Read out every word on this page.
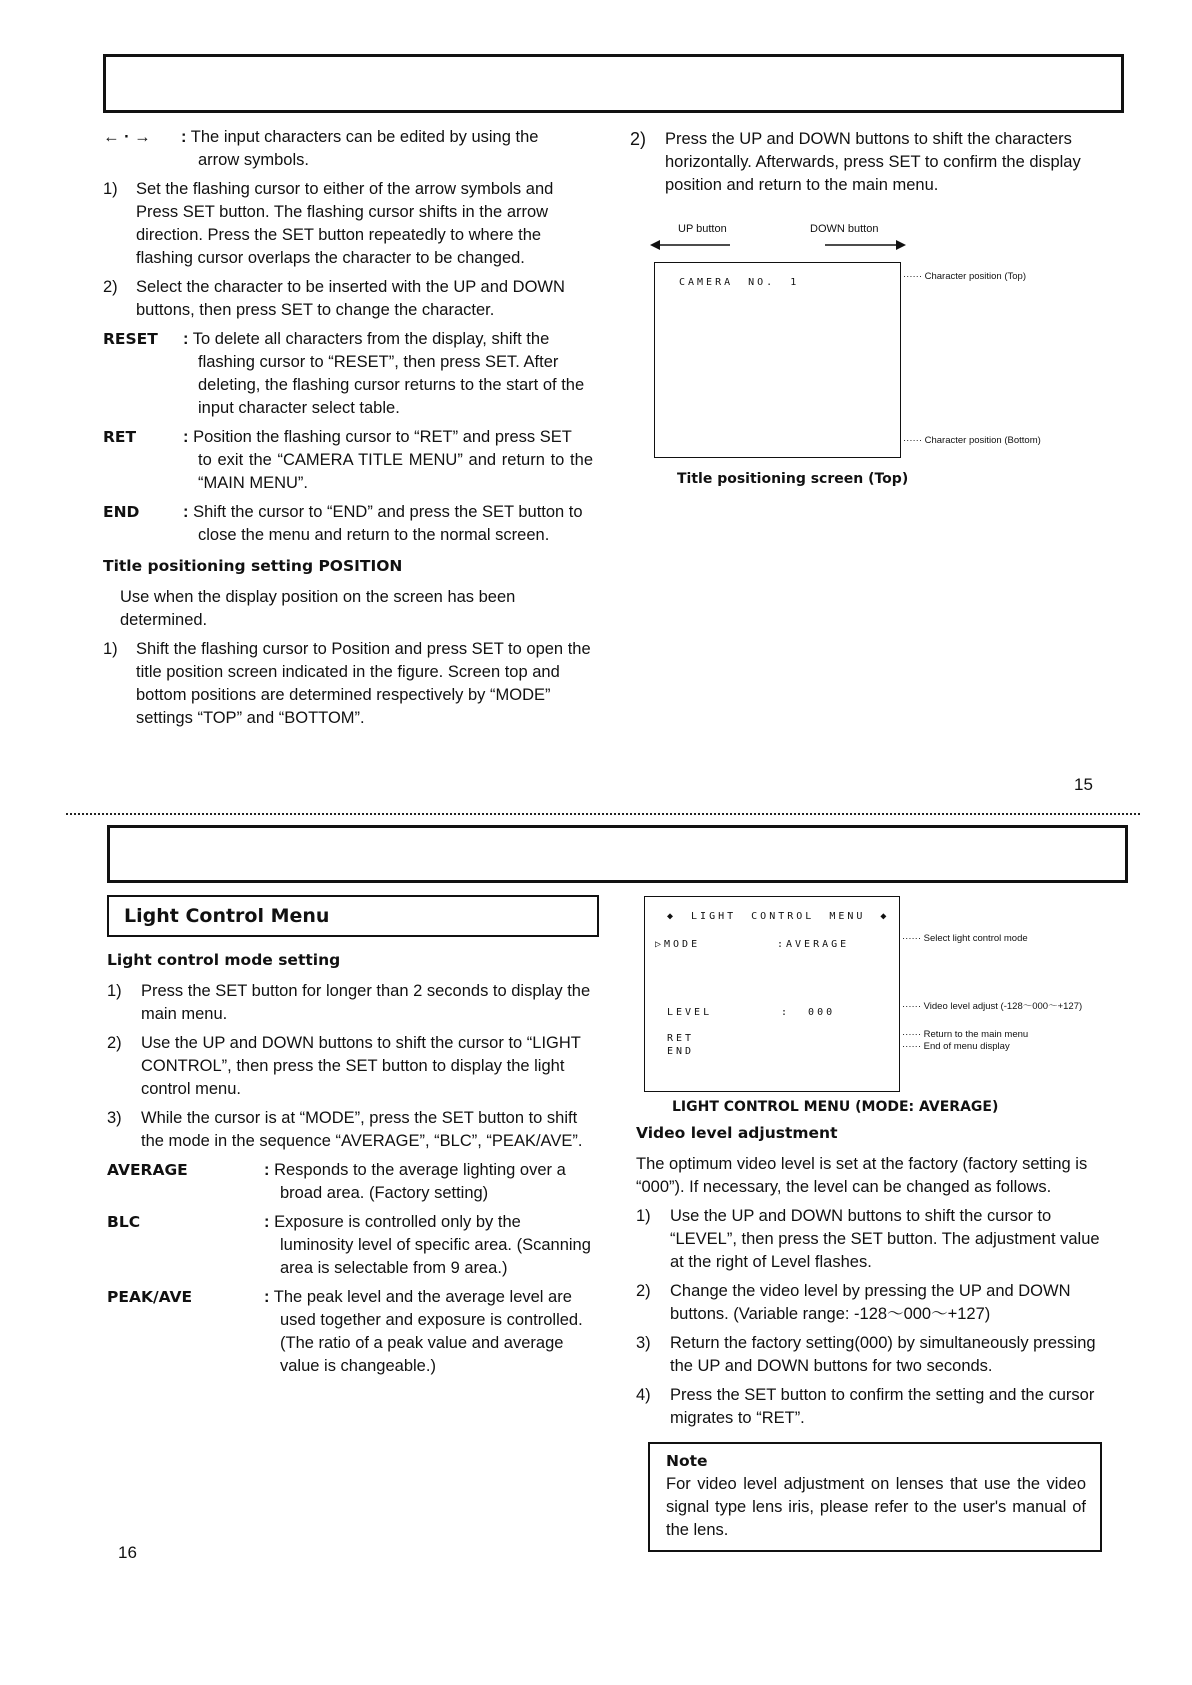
← · → : The input characters can be edited by using the
arrow symbols.
1) Set the flashing cursor to either of the arrow symbols and Press SET button. The flashing cursor shifts in the arrow direction. Press the SET button repeatedly to where the flashing cursor overlaps the character to be changed.
2) Select the character to be inserted with the UP and DOWN buttons, then press SET to change the character.
RESET : To delete all characters from the display, shift the
flashing cursor to “RESET”, then press SET. After deleting, the flashing cursor returns to the start of the input character select table.
RET	: Position the flashing cursor to “RET” and press SET
to exit the “CAMERA TITLE MENU” and return to the “MAIN MENU”.
END	: Shift the cursor to “END” and press the SET button to
close the menu and return to the normal screen.
Title positioning setting POSITION
Use when the display position on the screen has been determined.
1) Shift the flashing cursor to Position and press SET to open the title position screen indicated in the figure. Screen top and bottom positions are determined respectively by “MODE” settings “TOP” and “BOTTOM”.
2) Press the UP and DOWN buttons to shift the characters horizontally. Afterwards, press SET to confirm the display position and return to the main menu.
UP button	DOWN button
CAMERA NO. 1
······ Character position (Top)
······ Character position (Bottom)
Title positioning screen (Top)
15
Light Control Menu
Light control mode setting
1) Press the SET button for longer than 2 seconds to display the main menu.
2) Use the UP and DOWN buttons to shift the cursor to “LIGHT CONTROL”, then press the SET button to display the light control menu.
3) While the cursor is at “MODE”, press the SET button to shift the mode in the sequence “AVERAGE”, “BLC”, “PEAK/AVE”.
AVERAGE	: Responds to the average lighting over a
broad area. (Factory setting)
BLC	: Exposure is controlled only by the
luminosity level of specific area. (Scanning area is selectable from 9 area.)
PEAK/AVE	: The peak level and the average level are
used together and exposure is controlled. (The ratio of a peak value and average value is changeable.)
16
◆ LIGHT CONTROL MENU ◆
▷MODE	:AVERAGE
LEVEL	:  000
RET
END
······ Select light control mode
······ Video level adjust (-128～000～+127)
······ Return to the main menu
······ End of menu display
LIGHT CONTROL MENU (MODE: AVERAGE)
Video level adjustment
The optimum video level is set at the factory (factory setting is “000”). If necessary, the level can be changed as follows.
1) Use the UP and DOWN buttons to shift the cursor to “LEVEL”, then press the SET button. The adjustment value at the right of Level flashes.
2) Change the video level by pressing the UP and DOWN buttons. (Variable range: -128～000～+127)
3) Return the factory setting(000) by simultaneously pressing the UP and DOWN buttons for two seconds.
4) Press the SET button to confirm the setting and the cursor migrates to “RET”.
Note
For video level adjustment on lenses that use the video signal type lens iris, please refer to the user's manual of the lens.
